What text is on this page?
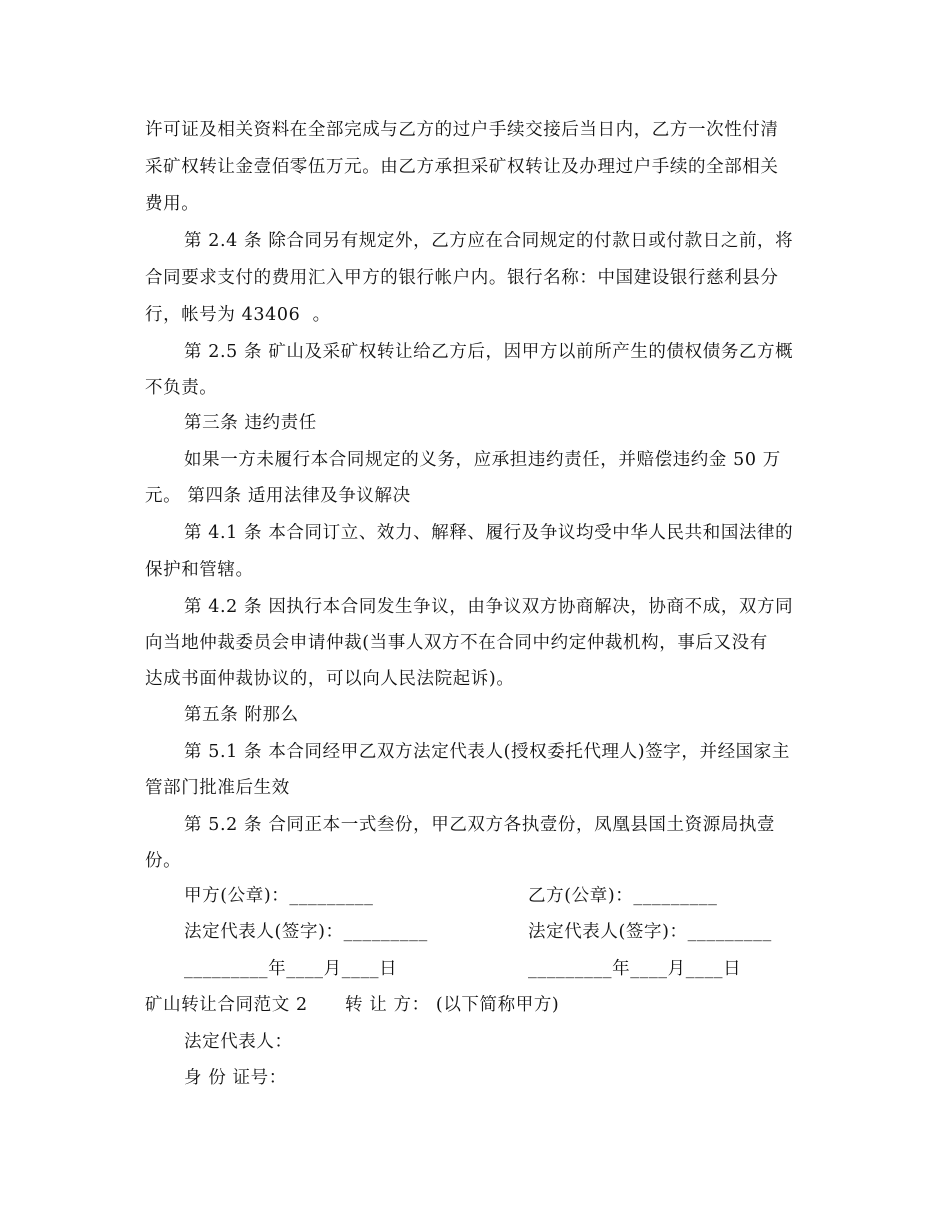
许可证及相关资料在全部完成与乙方的过户手续交接后当日内，乙方一次性付清
采矿权转让金壹佰零伍万元。由乙方承担采矿权转让及办理过户手续的全部相关
费用。
第 2.4 条 除合同另有规定外，乙方应在合同规定的付款日或付款日之前，将
合同要求支付的费用汇入甲方的银行帐户内。银行名称：中国建设银行慈利县分
行，帐号为 43406  。
第 2.5 条 矿山及采矿权转让给乙方后，因甲方以前所产生的债权债务乙方概
不负责。
第三条 违约责任
如果一方未履行本合同规定的义务，应承担违约责任，并赔偿违约金 50 万
元。 第四条 适用法律及争议解决
第 4.1 条 本合同订立、效力、解释、履行及争议均受中华人民共和国法律的
保护和管辖。
第 4.2 条 因执行本合同发生争议，由争议双方协商解决，协商不成，双方同
向当地仲裁委员会申请仲裁(当事人双方不在合同中约定仲裁机构，事后又没有
达成书面仲裁协议的，可以向人民法院起诉)。
第五条 附那么
第 5.1 条 本合同经甲乙双方法定代表人(授权委托代理人)签字，并经国家主
管部门批准后生效
第 5.2 条 合同正本一式叁份，甲乙双方各执壹份，凤凰县国土资源局执壹
份。
甲方(公章)：_________	乙方(公章)：_________
法定代表人(签字)：_________	法定代表人(签字)：_________
_________年____月____日	_________年____月____日
矿山转让合同范文 2 转 让 方： (以下简称甲方)
法定代表人：
身 份 证号：
